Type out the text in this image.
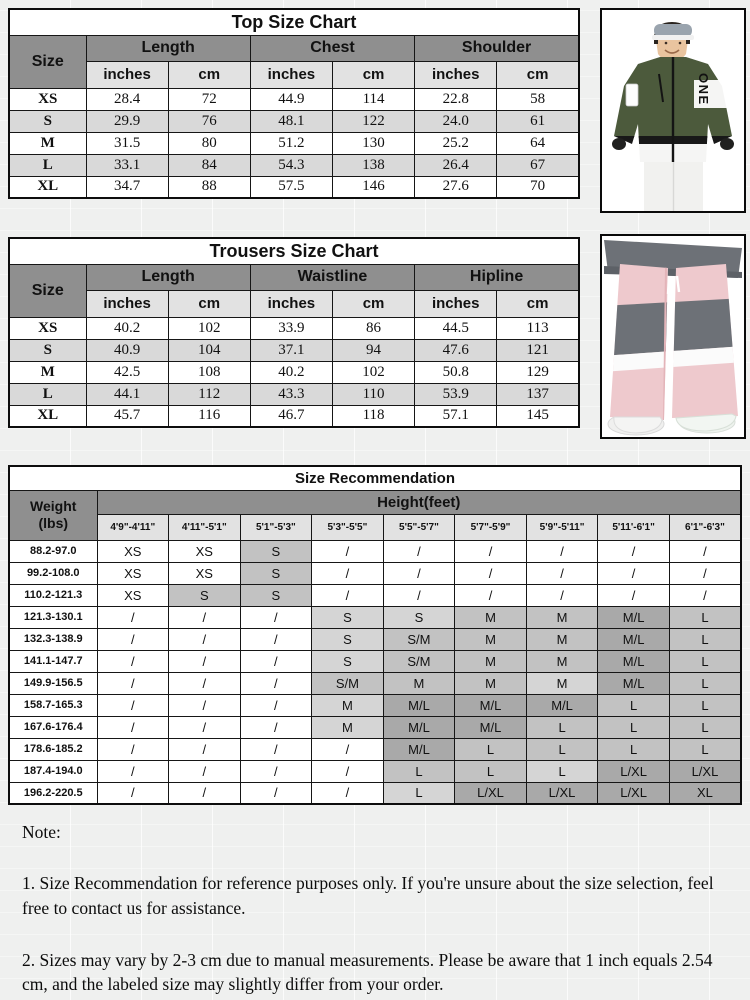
Top Size Chart						
Size	Length		Chest		Shoulder	
	inches	cm	inches	cm	inches	cm
XS	28.4	72	44.9	114	22.8	58
S	29.9	76	48.1	122	24.0	61
M	31.5	80	51.2	130	25.2	64
L	33.1	84	54.3	138	26.4	67
XL	34.7	88	57.5	146	27.6	70
ONE
Trousers Size Chart						
Size	Length		Waistline		Hipline	
	inches	cm	inches	cm	inches	cm
XS	40.2	102	33.9	86	44.5	113
S	40.9	104	37.1	94	47.6	121
M	42.5	108	40.2	102	50.8	129
L	44.1	112	43.3	110	53.9	137
XL	45.7	116	46.7	118	57.1	145
Size Recommendation									

Weight
(lbs)	Height(feet)								
	4'9"-4'11"	4'11"-5'1"	5'1"-5'3"	5'3"-5'5"	5'5"-5'7"	5'7"-5'9"	5'9"-5'11"	5'11'-6'1"	6'1"-6'3"
88.2-97.0	XS	XS	S	/	/	/	/	/	/
99.2-108.0	XS	XS	S	/	/	/	/	/	/
110.2-121.3	XS	S	S	/	/	/	/	/	/
121.3-130.1	/	/	/	S	S	M	M	M/L	L
132.3-138.9	/	/	/	S	S/M	M	M	M/L	L
141.1-147.7	/	/	/	S	S/M	M	M	M/L	L
149.9-156.5	/	/	/	S/M	M	M	M	M/L	L
158.7-165.3	/	/	/	M	M/L	M/L	M/L	L	L
167.6-176.4	/	/	/	M	M/L	M/L	L	L	L
178.6-185.2	/	/	/	/	M/L	L	L	L	L
187.4-194.0	/	/	/	/	L	L	L	L/XL	L/XL
196.2-220.5	/	/	/	/	L	L/XL	L/XL	L/XL	XL

Note:

1. Size Recommendation for reference purposes only. If you're unsure about the size selection, feel free to contact us for assistance.

2. Sizes may vary by 2-3 cm due to manual measurements. Please be aware that 1 inch equals 2.54 cm, and the labeled size may slightly differ from your order.
